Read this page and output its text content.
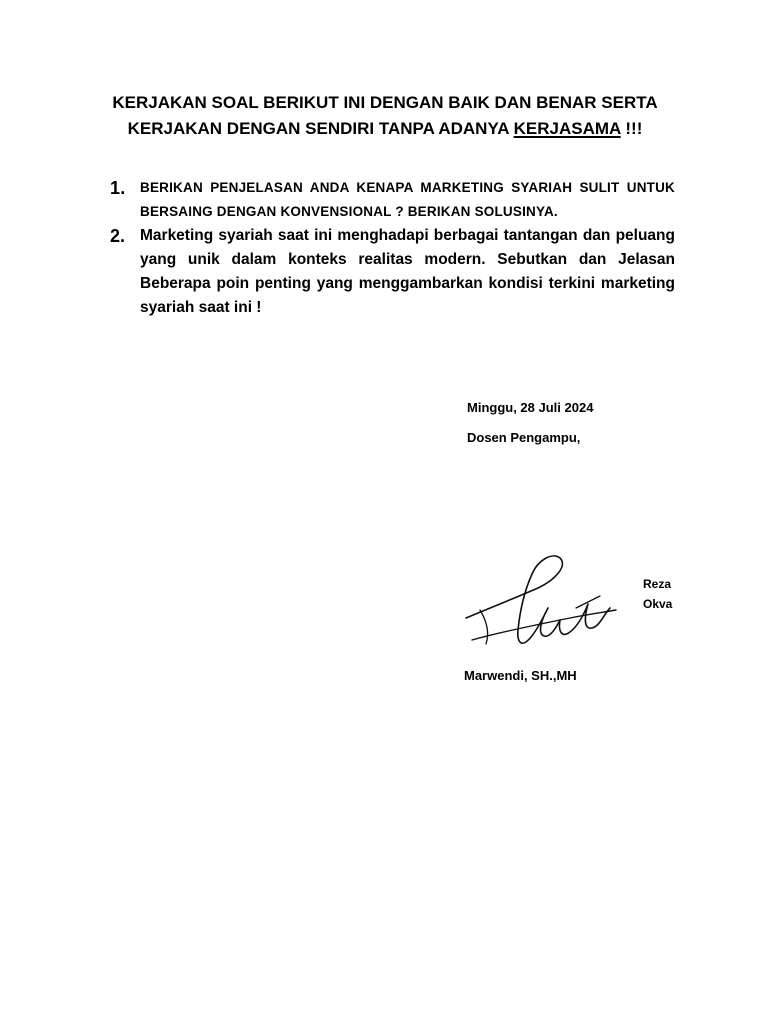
KERJAKAN SOAL BERIKUT INI DENGAN BAIK DAN BENAR SERTA
KERJAKAN DENGAN SENDIRI TANPA ADANYA KERJASAMA !!!
1. BERIKAN PENJELASAN ANDA KENAPA MARKETING SYARIAH SULIT UNTUK BERSAING DENGAN KONVENSIONAL ? BERIKAN SOLUSINYA.
2. Marketing syariah saat ini menghadapi berbagai tantangan dan peluang yang unik dalam konteks realitas modern. Sebutkan dan Jelasan Beberapa poin penting yang menggambarkan kondisi terkini marketing syariah saat ini !
Minggu, 28 Juli 2024
Dosen Pengampu,
Reza
Okva
Marwendi, SH.,MH
